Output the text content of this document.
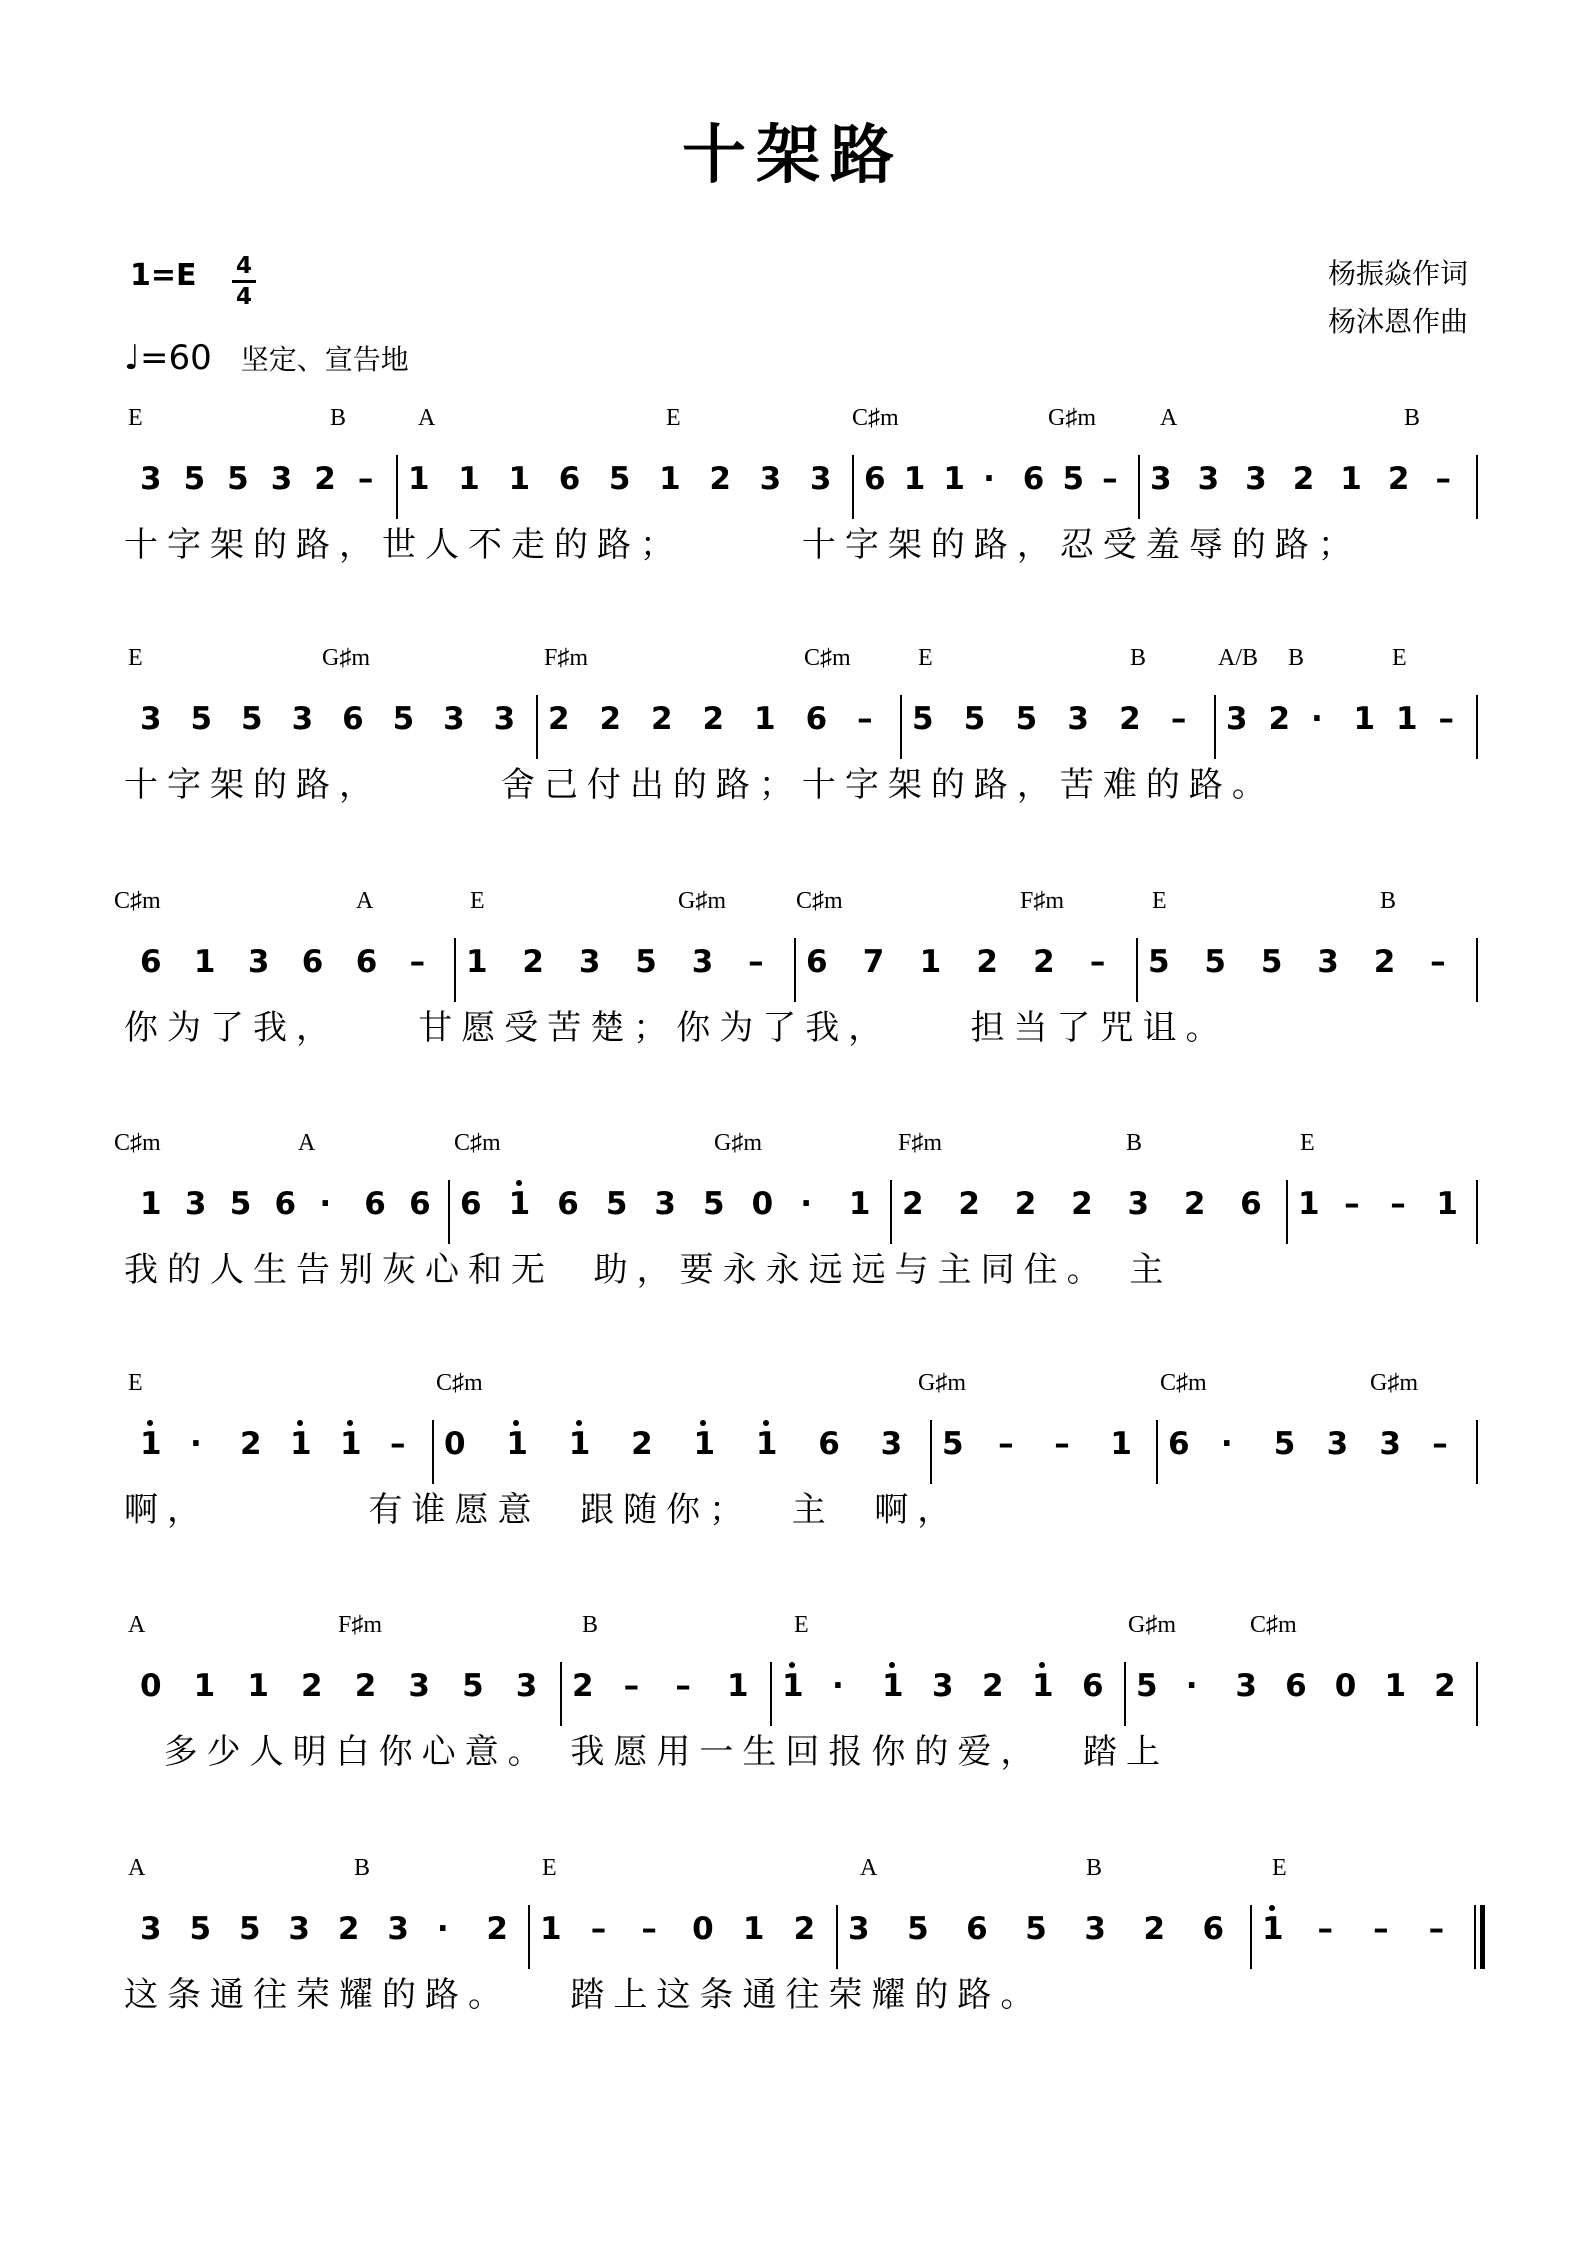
十架路
1=E 4
4
♩=60 坚定、宣告地
杨振焱作词
杨沐恩作曲
3 5 5 3 2 – 1 1 1 6 5 1 2 3 3 6 1 1 · 6 5 – 3 3 3 2 1 2 –
E	B	A	E	C♯m	G♯m	A	B
十字架的路，世人不走的路；      十字架的路，忍受羞辱的路；
3 5 5 3 6 5 3 3 2 2 2 2 1 6 – 5 5 5 3 2 – 3 2 · 1 1 –
E	G♯m	F♯m	C♯m	E	B	A/B B	E
十字架的路，      舍己付出的路；十字架的路，苦难的路。
6 1 3 6 6 – 1 2 3 5 3 – 6 7 1 2 2 – 5 5 5 3 2 –
C♯m	A	E	G♯m	C♯m	F♯m	E	B
你为了我，    甘愿受苦楚；你为了我，    担当了咒诅。
1 3 5 6 · 6 6 6 1 6 5 3 5 0 · 1 2 2 2 2 3 2 6 1 – – 1
C♯m	A	C♯m	G♯m	F♯m	B	E
我的人生告别灰心和无  助，要永永远远与主同住。 主
1 · 2 1 1 – 0 1 1 2 1 1 6 3 5 – – 1 6 · 5 3 3 –
E	C♯m	G♯m	C♯m	G♯m
啊，        有谁愿意  跟随你；  主  啊，
0 1 1 2 2 3 5 3 2 – – 1 1 · 1 3 2 1 6 5 · 3 6 0 1 2
A	F♯m	B	E	G♯m	C♯m
多少人明白你心意。 我愿用一生回报你的爱，  踏上
3 5 5 3 2 3 · 2 1 – – 0 1 2 3 5 6 5 3 2 6 1 – – –
A	B	E	A	B	E
这条通往荣耀的路。   踏上这条通往荣耀的路。
